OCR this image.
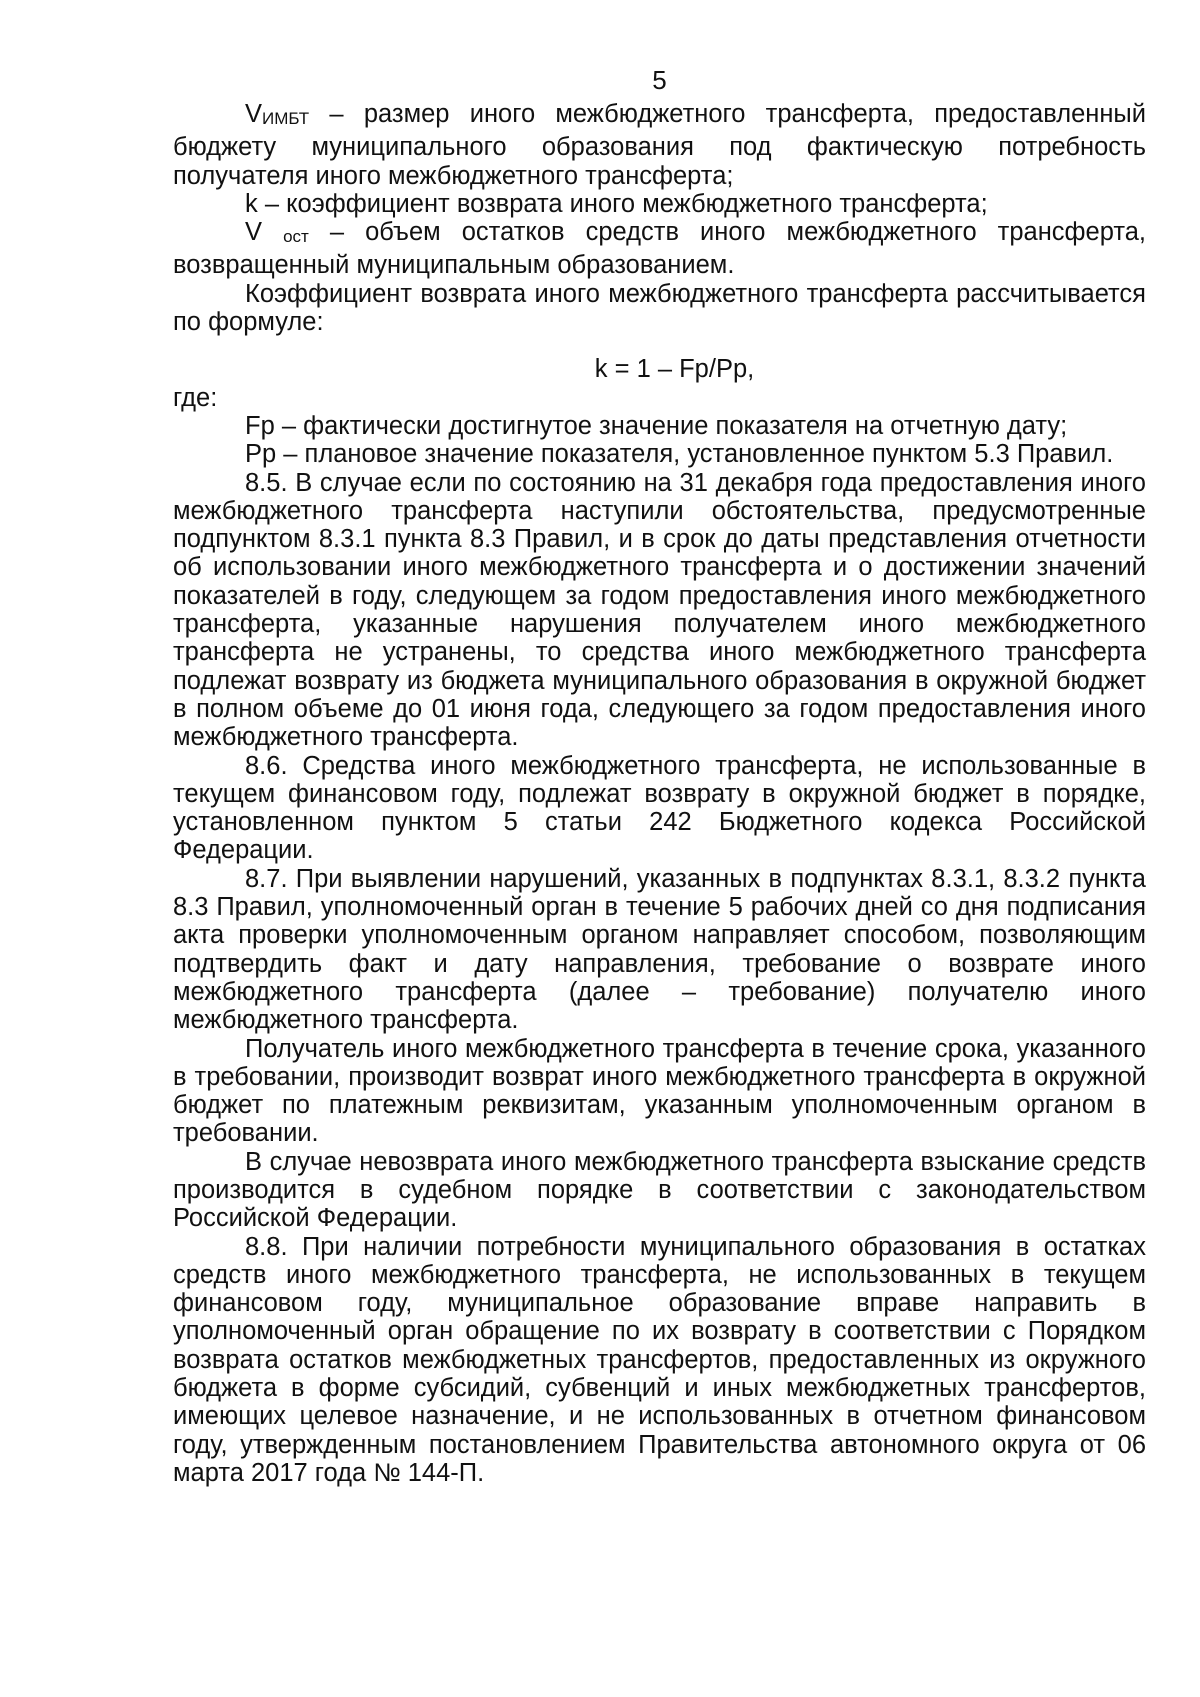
5

VИМБТ – размер иного межбюджетного трансферта, предоставленный бюджету муниципального образования под фактическую потребность получателя иного межбюджетного трансферта;

k – коэффициент возврата иного межбюджетного трансферта;

V ост – объем остатков средств иного межбюджетного трансферта, возвращенный муниципальным образованием.

Коэффициент возврата иного межбюджетного трансферта рассчитывается по формуле:

k = 1 – Fp/Pp,

где:

Fp – фактически достигнутое значение показателя на отчетную дату;

Pp – плановое значение показателя, установленное пунктом 5.3 Правил.

8.5. В случае если по состоянию на 31 декабря года предоставления иного межбюджетного трансферта наступили обстоятельства, предусмотренные подпунктом 8.3.1 пункта 8.3 Правил, и в срок до даты представления отчетности об использовании иного межбюджетного трансферта и о достижении значений показателей в году, следующем за годом предоставления иного межбюджетного трансферта, указанные нарушения получателем иного межбюджетного трансферта не устранены, то средства иного межбюджетного трансферта подлежат возврату из бюджета муниципального образования в окружной бюджет в полном объеме до 01 июня года, следующего за годом предоставления иного межбюджетного трансферта.

8.6. Средства иного межбюджетного трансферта, не использованные в текущем финансовом году, подлежат возврату в окружной бюджет в порядке, установленном пунктом 5 статьи 242 Бюджетного кодекса Российской Федерации.

8.7. При выявлении нарушений, указанных в подпунктах 8.3.1, 8.3.2 пункта 8.3 Правил, уполномоченный орган в течение 5 рабочих дней со дня подписания акта проверки уполномоченным органом направляет способом, позволяющим подтвердить факт и дату направления, требование о возврате иного межбюджетного трансферта (далее – требование) получателю иного межбюджетного трансферта.

Получатель иного межбюджетного трансферта в течение срока, указанного в требовании, производит возврат иного межбюджетного трансферта в окружной бюджет по платежным реквизитам, указанным уполномоченным органом в требовании.

В случае невозврата иного межбюджетного трансферта взыскание средств производится в судебном порядке в соответствии с законодательством Российской Федерации.

8.8. При наличии потребности муниципального образования в остатках средств иного межбюджетного трансферта, не использованных в текущем финансовом году, муниципальное образование вправе направить в уполномоченный орган обращение по их возврату в соответствии с Порядком возврата остатков межбюджетных трансфертов, предоставленных из окружного бюджета в форме субсидий, субвенций и иных межбюджетных трансфертов, имеющих целевое назначение, и не использованных в отчетном финансовом году, утвержденным постановлением Правительства автономного округа от 06 марта 2017 года № 144-П.
